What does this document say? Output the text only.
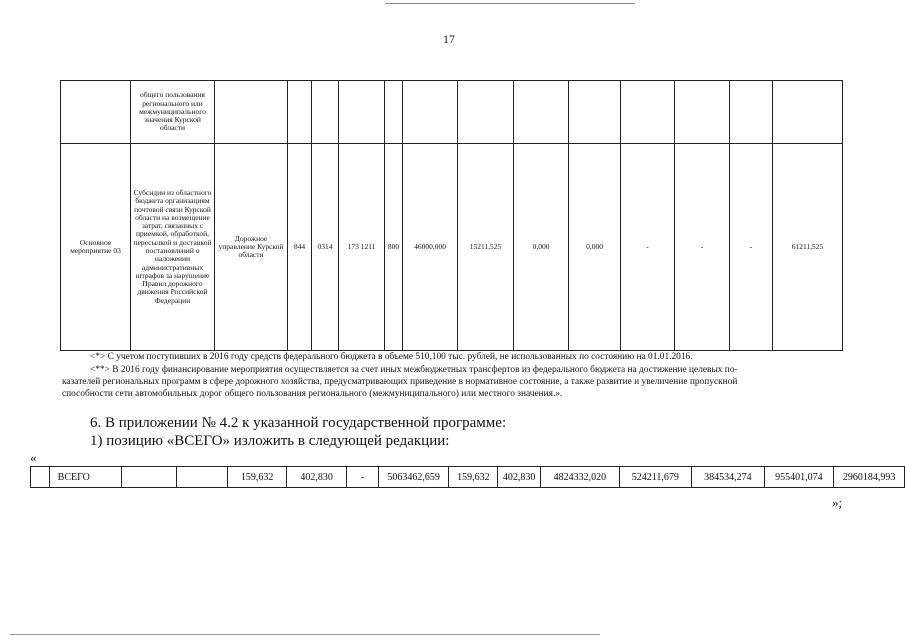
17
	общего пользования регионального или межмуниципального значения Курской области													
Основное мероприятие 03	Субсидии из областного бюджета организациям почтовой связи Курской области на возмещение затрат, связанных с приемкой, обработкой, пересылкой и доставкой постановлений о наложении административных штрафов за нарушение Правил дорожного движения Российской Федерации	Дорожное управление Курской области	844	0314	173 1211	800	46000,000	15211,525	0,000	0,000	-	-	-	61211,525
<*> С учетом поступивших в 2016 году средств федерального бюджета в объеме 510,100 тыс. рублей, не использованных по состоянию на 01.01.2016.
<**> В 2016 году финансирование мероприятия осуществляется за счет иных межбюджетных трансфертов из федерального бюджета на достижение целевых по-
казателей региональных программ в сфере дорожного хозяйства, предусматривающих приведение в нормативное состояние, а также развитие и увеличение пропускной
способности сети автомобильных дорог общего пользования регионального (межмуниципального) или местного значения.».
6. В приложении № 4.2 к указанной государственной программе:
1) позицию «ВСЕГО» изложить в следующей редакции:
«
	ВСЕГО			159,632	402,830	-	5063462,659	159,632	402,830	4824332,020	524211,679	384534,274	955401,074	2960184,993
»;
